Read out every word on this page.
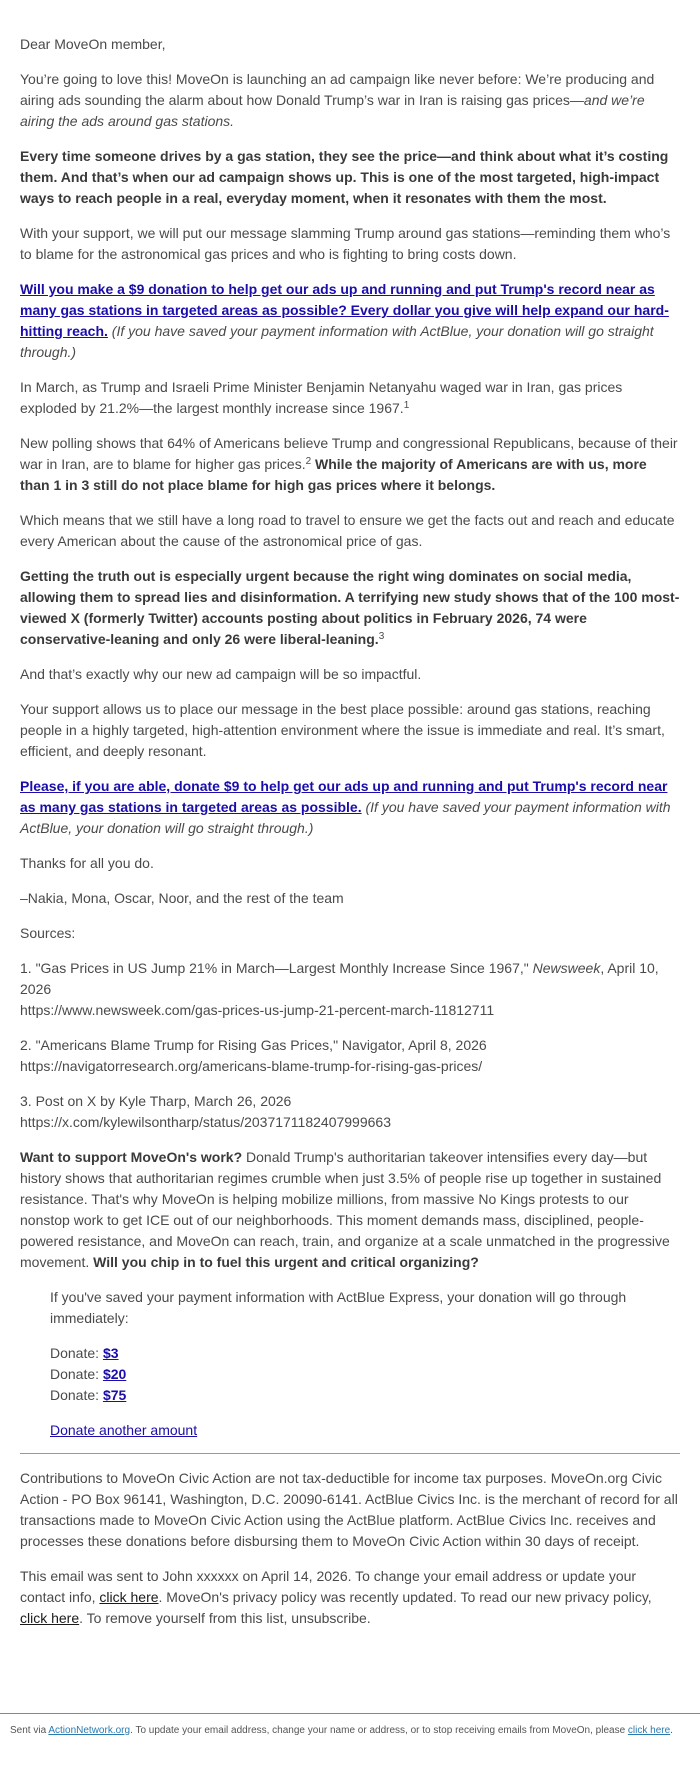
Dear MoveOn member,

You’re going to love this! MoveOn is launching an ad campaign like never before: We’re producing and airing ads sounding the alarm about how Donald Trump’s war in Iran is raising gas prices—and we’re airing the ads around gas stations.

Every time someone drives by a gas station, they see the price—and think about what it’s costing them. And that’s when our ad campaign shows up. This is one of the most targeted, high-impact ways to reach people in a real, everyday moment, when it resonates with them the most.

With your support, we will put our message slamming Trump around gas stations—reminding them who’s to blame for the astronomical gas prices and who is fighting to bring costs down.

Will you make a $9 donation to help get our ads up and running and put Trump's record near as many gas stations in targeted areas as possible? Every dollar you give will help expand our hard-hitting reach. (If you have saved your payment information with ActBlue, your donation will go straight through.)

In March, as Trump and Israeli Prime Minister Benjamin Netanyahu waged war in Iran, gas prices exploded by 21.2%—the largest monthly increase since 1967.$^1$

New polling shows that 64% of Americans believe Trump and congressional Republicans, because of their war in Iran, are to blame for higher gas prices.$^2$ While the majority of Americans are with us, more than 1 in 3 still do not place blame for high gas prices where it belongs.

Which means that we still have a long road to travel to ensure we get the facts out and reach and educate every American about the cause of the astronomical price of gas.

Getting the truth out is especially urgent because the right wing dominates on social media, allowing them to spread lies and disinformation. A terrifying new study shows that of the 100 most-viewed X (formerly Twitter) accounts posting about politics in February 2026, 74 were conservative-leaning and only 26 were liberal-leaning.$^3$

And that’s exactly why our new ad campaign will be so impactful.

Your support allows us to place our message in the best place possible: around gas stations, reaching people in a highly targeted, high-attention environment where the issue is immediate and real. It’s smart, efficient, and deeply resonant.

Please, if you are able, donate $9 to help get our ads up and running and put Trump's record near as many gas stations in targeted areas as possible. (If you have saved your payment information with ActBlue, your donation will go straight through.)

Thanks for all you do.

–Nakia, Mona, Oscar, Noor, and the rest of the team

Sources:

1. "Gas Prices in US Jump 21% in March—Largest Monthly Increase Since 1967," Newsweek, April 10, 2026
https://www.newsweek.com/gas-prices-us-jump-21-percent-march-11812711

2. "Americans Blame Trump for Rising Gas Prices," Navigator, April 8, 2026
https://navigatorresearch.org/americans-blame-trump-for-rising-gas-prices/

3. Post on X by Kyle Tharp, March 26, 2026
https://x.com/kylewilsontharp/status/2037171182407999663

Want to support MoveOn's work? Donald Trump's authoritarian takeover intensifies every day—but history shows that authoritarian regimes crumble when just 3.5% of people rise up together in sustained resistance. That's why MoveOn is helping mobilize millions, from massive No Kings protests to our nonstop work to get ICE out of our neighborhoods. This moment demands mass, disciplined, people-powered resistance, and MoveOn can reach, train, and organize at a scale unmatched in the progressive movement. Will you chip in to fuel this urgent and critical organizing?

If you've saved your payment information with ActBlue Express, your donation will go through immediately:

Donate: $3

Donate: $20

Donate: $75

Donate another amount

Contributions to MoveOn Civic Action are not tax-deductible for income tax purposes. MoveOn.org Civic Action - PO Box 96141, Washington, D.C. 20090-6141. ActBlue Civics Inc. is the merchant of record for all transactions made to MoveOn Civic Action using the ActBlue platform. ActBlue Civics Inc. receives and processes these donations before disbursing them to MoveOn Civic Action within 30 days of receipt.

This email was sent to John xxxxxx on April 14, 2026. To change your email address or update your contact info, click here. MoveOn's privacy policy was recently updated. To read our new privacy policy, click here. To remove yourself from this list, unsubscribe.

Sent via ActionNetwork.org. To update your email address, change your name or address, or to stop receiving emails from MoveOn, please click here.
